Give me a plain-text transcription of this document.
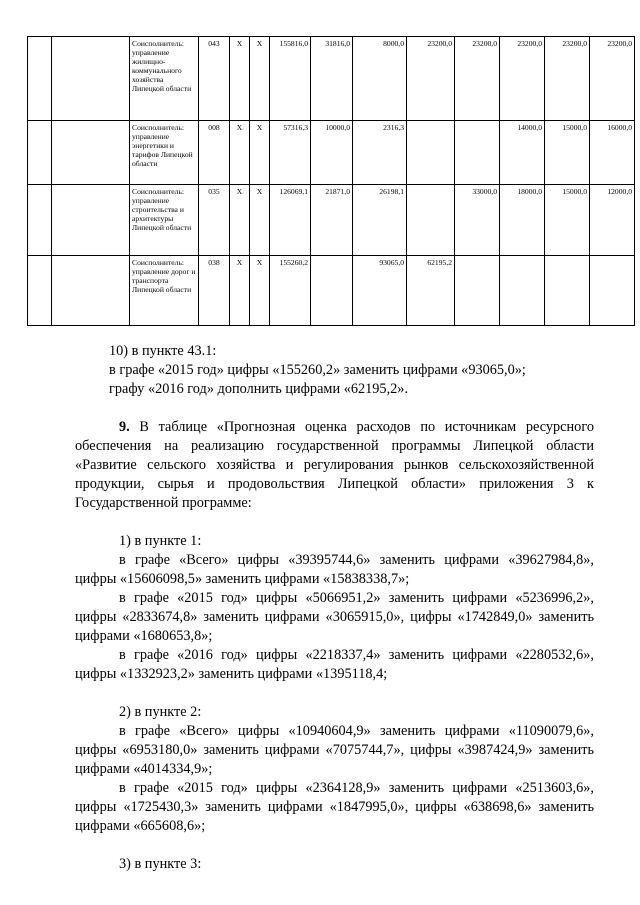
		Соисполнитель: управление жилищно-коммунального хозяйства Липецкой области	043	X	X	155816,0	31816,0	8000,0	23200,0	23200,0	23200,0	23200,0	23200,0
		Соисполнитель: управление энергетики и тарифов Липецкой области	008	X	X	57316,3	10000,0	2316,3			14000,0	15000,0	16000,0
		Соисполнитель: управление строительства и архитектуры Липецкой области	035	X	X	126069,1	21871,0	26198,1		33000,0	18000,0	15000,0	12000,0
		Соисполнитель: управление дорог и транспорта Липецкой области	038	X	X	155260,2		93065,0	62195,2				

10) в пункте 43.1:

в графе «2015 год» цифры «155260,2» заменить цифрами «93065,0»;

графу «2016 год» дополнить цифрами «62195,2».

9. В таблице «Прогнозная оценка расходов по источникам ресурсного обеспечения на реализацию государственной программы Липецкой области «Развитие сельского хозяйства и регулирования рынков сельскохозяйственной продукции, сырья и продовольствия Липецкой области» приложения 3 к Государственной программе:

1) в пункте 1:

в графе «Всего» цифры «39395744,6» заменить цифрами «39627984,8», цифры «15606098,5» заменить цифрами «15838338,7»;

в графе «2015 год» цифры «5066951,2» заменить цифрами «5236996,2», цифры «2833674,8» заменить цифрами «3065915,0», цифры «1742849,0» заменить цифрами «1680653,8»;

в графе «2016 год» цифры «2218337,4» заменить цифрами «2280532,6», цифры «1332923,2» заменить цифрами «1395118,4;

2) в пункте 2:

в графе «Всего» цифры «10940604,9» заменить цифрами «11090079,6», цифры «6953180,0» заменить цифрами «7075744,7», цифры «3987424,9» заменить цифрами «4014334,9»;

в графе «2015 год» цифры «2364128,9» заменить цифрами «2513603,6», цифры «1725430,3» заменить цифрами «1847995,0», цифры «638698,6» заменить цифрами «665608,6»;

3) в пункте 3:
